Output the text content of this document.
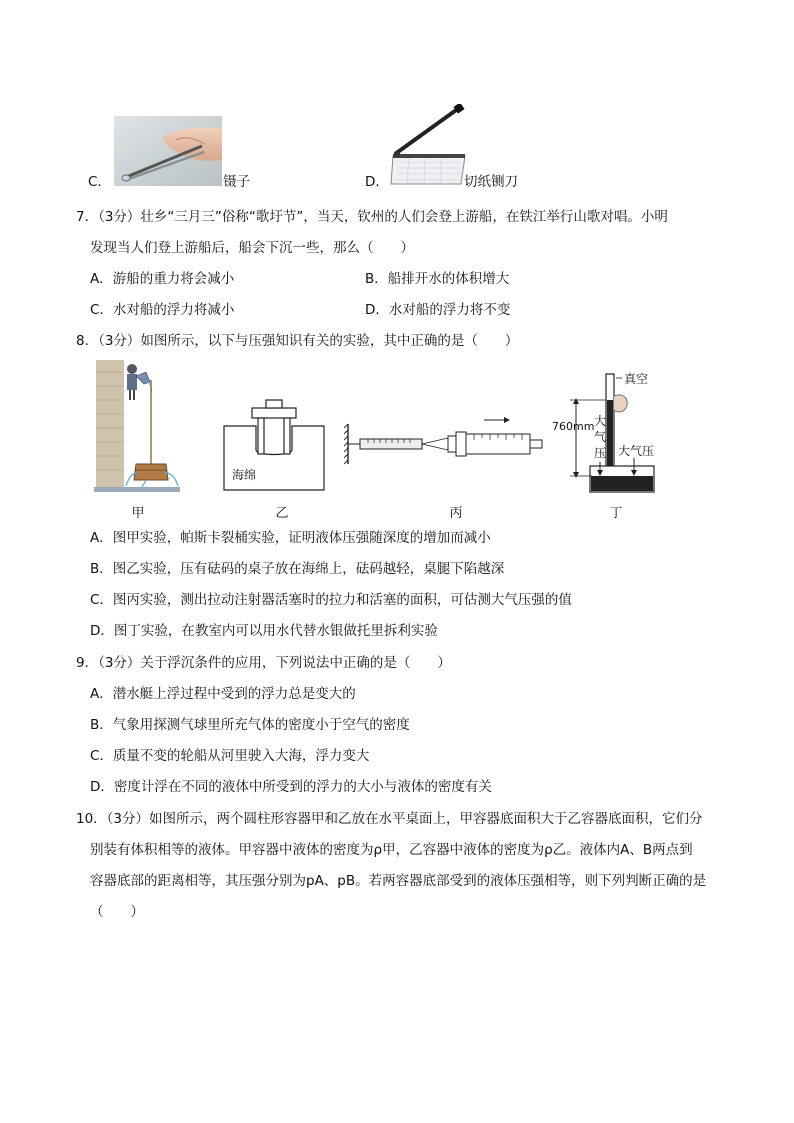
C．	镊子	D．	切纸铡刀
7．（3分）壮乡“三月三”俗称“歌圩节”，当天，钦州的人们会登上游船，在铁江举行山歌对唱。小明
发现当人们登上游船后，船会下沉一些，那么（　　）
A．游船的重力将会减小	B．船排开水的体积增大
C．水对船的浮力将减小	D．水对船的浮力将不变
8．（3分）如图所示，以下与压强知识有关的实验，其中正确的是（　　）
海绵
真空
760mm 大
气
压 大气压
甲	乙	丙	丁
A．图甲实验，帕斯卡裂桶实验，证明液体压强随深度的增加而减小
B．图乙实验，压有砝码的桌子放在海绵上，砝码越轻，桌腿下陷越深
C．图丙实验，测出拉动注射器活塞时的拉力和活塞的面积，可估测大气压强的值
D．图丁实验，在教室内可以用水代替水银做托里拆利实验
9．（3分）关于浮沉条件的应用，下列说法中正确的是（　　）
A．潜水艇上浮过程中受到的浮力总是变大的
B．气象用探测气球里所充气体的密度小于空气的密度
C．质量不变的轮船从河里驶入大海，浮力变大
D．密度计浮在不同的液体中所受到的浮力的大小与液体的密度有关
10．（3分）如图所示，两个圆柱形容器甲和乙放在水平桌面上，甲容器底面积大于乙容器底面积，它们分
别装有体积相等的液体。甲容器中液体的密度为ρ甲，乙容器中液体的密度为ρ乙。液体内A、B两点到
容器底部的距离相等，其压强分别为pA、pB。若两容器底部受到的液体压强相等，则下列判断正确的是
（　　）
